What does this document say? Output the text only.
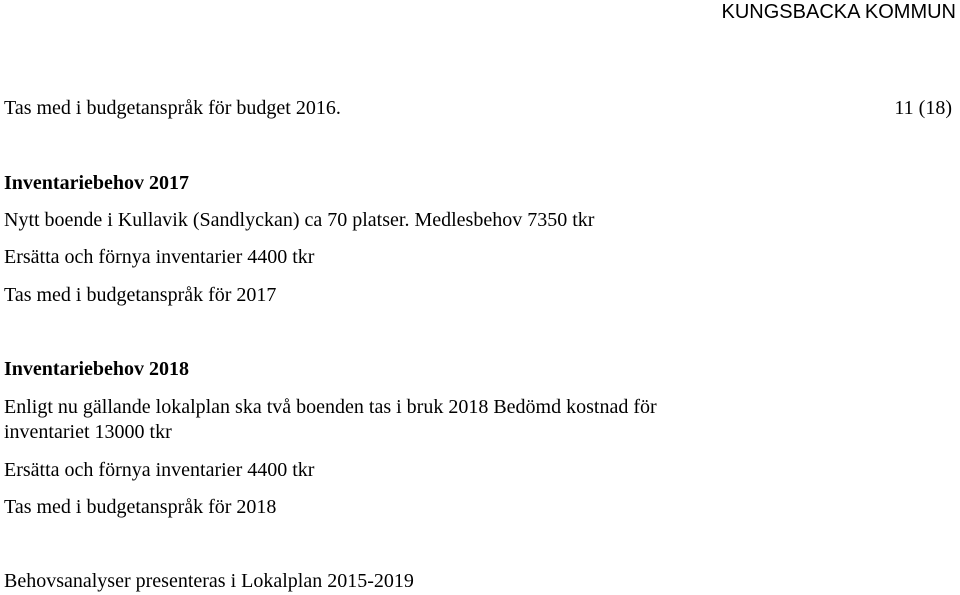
KUNGSBACKA KOMMUN
Tas med i budgetanspråk för budget 2016.	11 (18)
Inventariebehov 2017
Nytt boende i Kullavik (Sandlyckan) ca 70 platser. Medlesbehov 7350 tkr
Ersätta och förnya inventarier 4400 tkr
Tas med i budgetanspråk för 2017
Inventariebehov 2018
Enligt nu gällande lokalplan ska två boenden tas i bruk 2018 Bedömd kostnad för
inventariet 13000 tkr
Ersätta och förnya inventarier 4400 tkr
Tas med i budgetanspråk för 2018
Behovsanalyser presenteras i Lokalplan 2015-2019
